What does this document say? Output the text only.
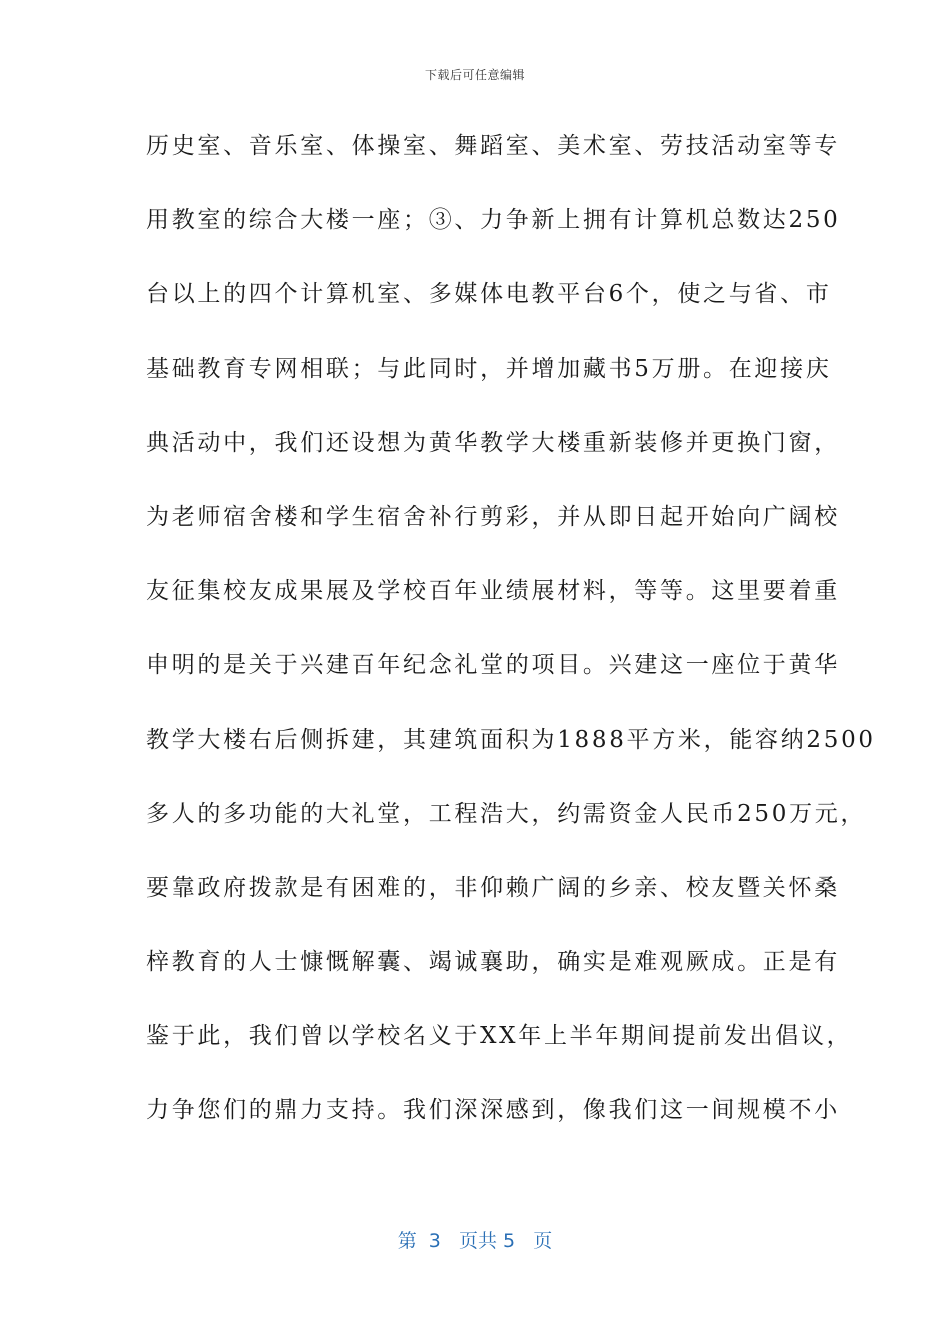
下载后可任意编辑
历史室、音乐室、体操室、舞蹈室、美术室、劳技活动室等专
用教室的综合大楼一座；③、力争新上拥有计算机总数达250
台以上的四个计算机室、多媒体电教平台6个，使之与省、市
基础教育专网相联；与此同时，并增加藏书5万册。在迎接庆
典活动中，我们还设想为黄华教学大楼重新装修并更换门窗，
为老师宿舍楼和学生宿舍补行剪彩，并从即日起开始向广阔校
友征集校友成果展及学校百年业绩展材料，等等。这里要着重
申明的是关于兴建百年纪念礼堂的项目。兴建这一座位于黄华
教学大楼右后侧拆建，其建筑面积为1888平方米，能容纳2500
多人的多功能的大礼堂，工程浩大，约需资金人民币250万元，
要靠政府拨款是有困难的，非仰赖广阔的乡亲、校友暨关怀桑
梓教育的人士慷慨解囊、竭诚襄助，确实是难观厥成。正是有
鉴于此，我们曾以学校名义于XX年上半年期间提前发出倡议，
力争您们的鼎力支持。我们深深感到，像我们这一间规模不小
第  3   页共 5   页
